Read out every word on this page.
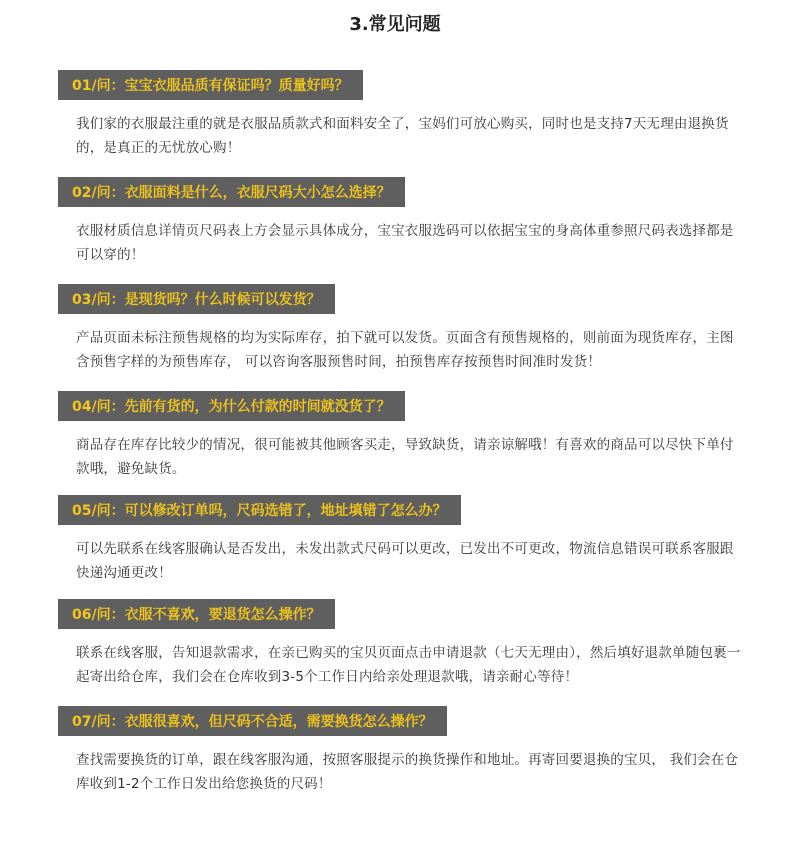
3.常见问题
01/问： 宝宝衣服品质有保证吗？质量好吗？
我们家的衣服最注重的就是衣服品质款式和面料安全了，宝妈们可放心购买，同时也是支持7天无理由退换货的，是真正的无忧放心购！
02/问： 衣服面料是什么，衣服尺码大小怎么选择？
衣服材质信息详情页尺码表上方会显示具体成分，宝宝衣服选码可以依据宝宝的身高体重参照尺码表选择都是可以穿的！
03/问： 是现货吗？什么时候可以发货？
产品页面未标注预售规格的均为实际库存，拍下就可以发货。页面含有预售规格的，则前面为现货库存，主图含预售字样的为预售库存， 可以咨询客服预售时间，拍预售库存按预售时间准时发货！
04/问： 先前有货的，为什么付款的时间就没货了？
商品存在库存比较少的情况，很可能被其他顾客买走，导致缺货，请亲谅解哦！有喜欢的商品可以尽快下单付款哦，避免缺货。
05/问： 可以修改订单吗，尺码选错了，地址填错了怎么办？
可以先联系在线客服确认是否发出，未发出款式尺码可以更改，已发出不可更改，物流信息错误可联系客服跟快递沟通更改！
06/问： 衣服不喜欢，要退货怎么操作？
联系在线客服，告知退款需求，在亲已购买的宝贝页面点击申请退款（七天无理由），然后填好退款单随包裹一起寄出给仓库，我们会在仓库收到3-5个工作日内给亲处理退款哦，请亲耐心等待！
07/问： 衣服很喜欢，但尺码不合适，需要换货怎么操作？
查找需要换货的订单，跟在线客服沟通，按照客服提示的换货操作和地址。再寄回要退换的宝贝， 我们会在仓库收到1-2个工作日发出给您换货的尺码！
